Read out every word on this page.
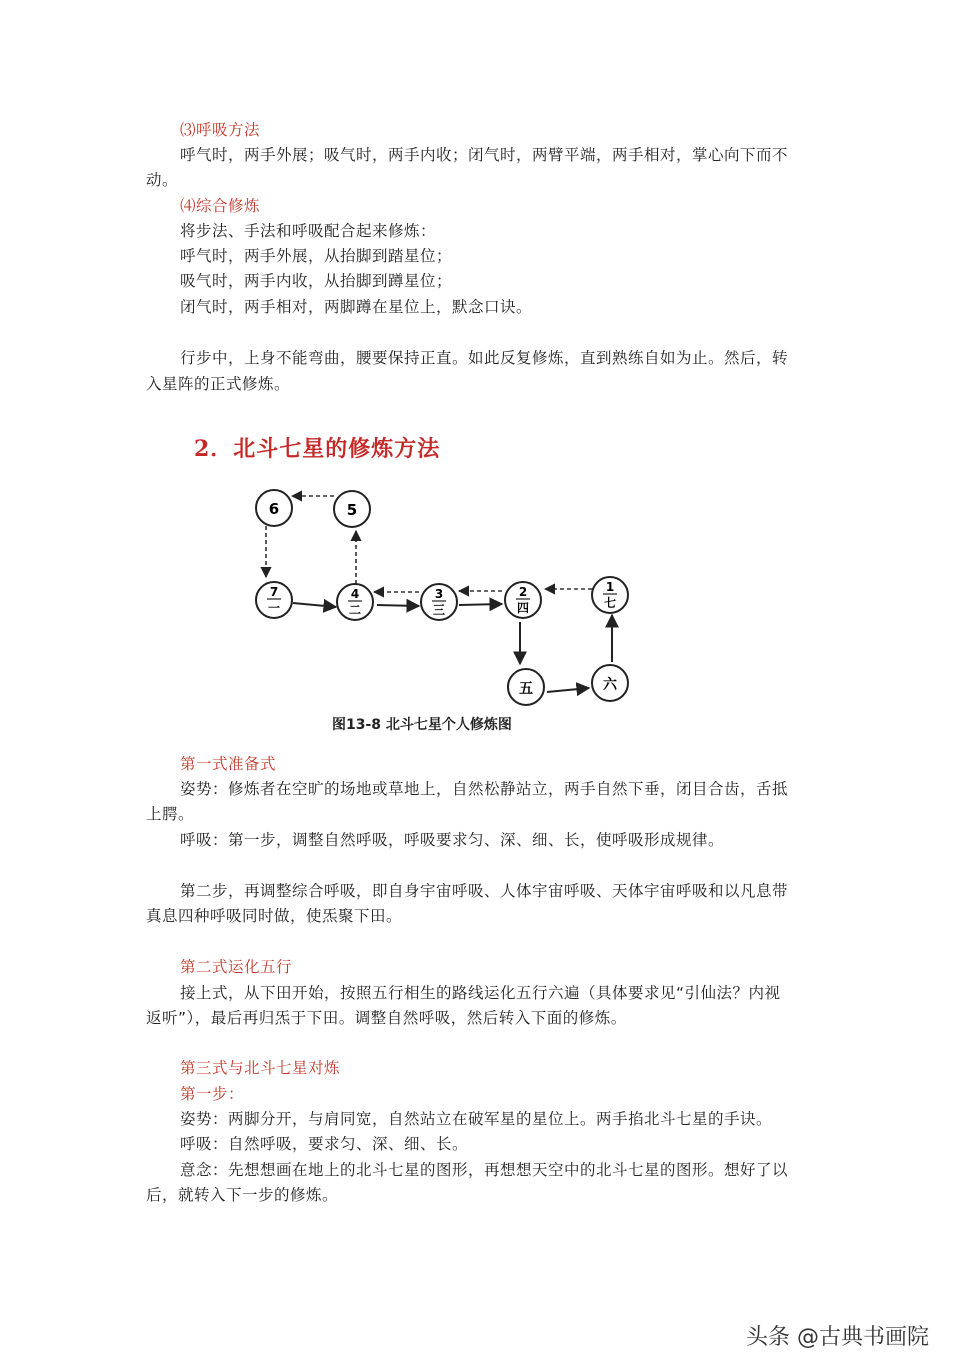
⑶呼吸方法
呼气时，两手外展；吸气时，两手内收；闭气时，两臂平端，两手相对，掌心向下而不
动。
⑷综合修炼
将步法、手法和呼吸配合起来修炼：
呼气时，两手外展，从抬脚到踏星位；
吸气时，两手内收，从抬脚到蹲星位；
闭气时，两手相对，两脚蹲在星位上，默念口诀。
行步中，上身不能弯曲，腰要保持正直。如此反复修炼，直到熟练自如为止。然后，转
入星阵的正式修炼。
2．北斗七星的修炼方法
6	5
7
一
4
二
3
三
2
四
1
七
五	六
图13-8 北斗七星个人修炼图
第一式准备式
姿势：修炼者在空旷的场地或草地上，自然松静站立，两手自然下垂，闭目合齿，舌抵
上腭。
呼吸：第一步，调整自然呼吸，呼吸要求匀、深、细、长，使呼吸形成规律。
第二步，再调整综合呼吸，即自身宇宙呼吸、人体宇宙呼吸、天体宇宙呼吸和以凡息带
真息四种呼吸同时做，使炁聚下田。
第二式运化五行
接上式，从下田开始，按照五行相生的路线运化五行六遍（具体要求见“引仙法？内视
返听”），最后再归炁于下田。调整自然呼吸，然后转入下面的修炼。
第三式与北斗七星对炼
第一步：
姿势：两脚分开，与肩同宽，自然站立在破军星的星位上。两手掐北斗七星的手诀。
呼吸：自然呼吸，要求匀、深、细、长。
意念：先想想画在地上的北斗七星的图形，再想想天空中的北斗七星的图形。想好了以
后，就转入下一步的修炼。
头条 @古典书画院
